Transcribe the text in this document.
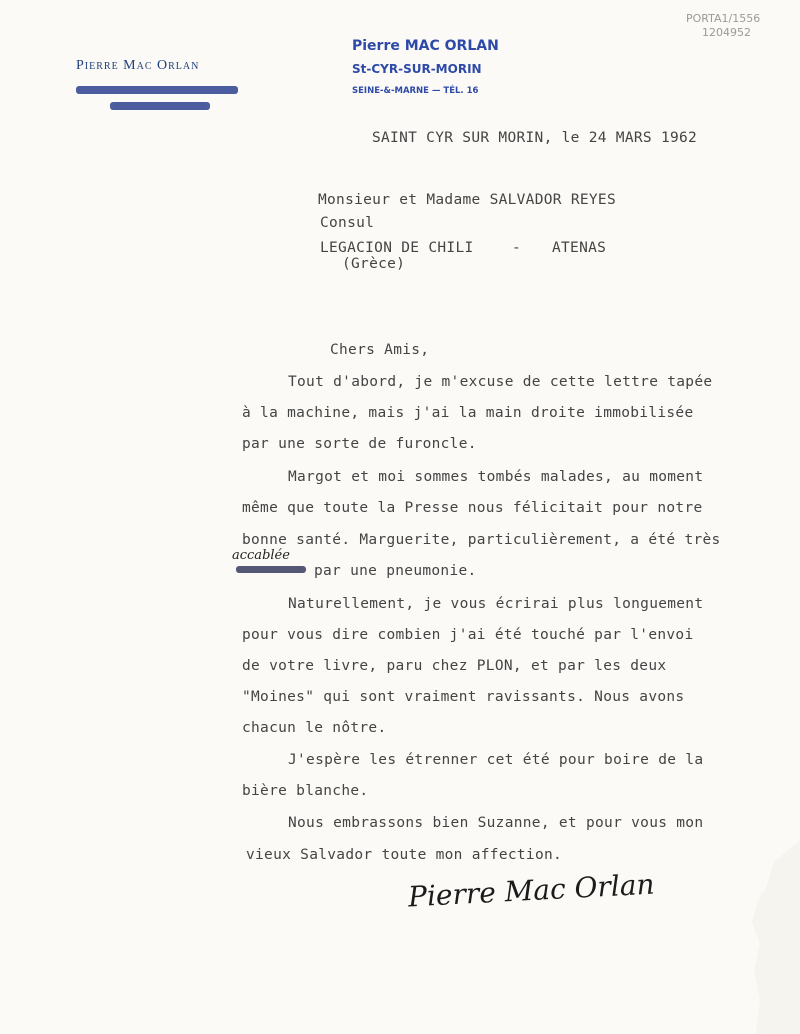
PORTA1/1556
1204952
Pierre Mac Orlan
Pierre MAC ORLAN
St-CYR-SUR-MORIN
SEINE-&-MARNE — TÉL. 16
SAINT CYR SUR MORIN, le 24 MARS 1962
Monsieur et Madame SALVADOR REYES
Consul
LEGACION DE CHILI	- ATENAS
(Grèce)
Chers Amis,
Tout d'abord, je m'excuse de cette lettre tapée
à la machine, mais j'ai la main droite immobilisée
par une sorte de furoncle.
Margot et moi sommes tombés malades, au moment
même que toute la Presse nous félicitait pour notre
bonne santé. Marguerite, particulièrement, a été très
accablée
par une pneumonie.
Naturellement, je vous écrirai plus longuement
pour vous dire combien j'ai été touché par l'envoi
de votre livre, paru chez PLON, et par les deux
"Moines" qui sont vraiment ravissants. Nous avons
chacun le nôtre.
J'espère les étrenner cet été pour boire de la
bière blanche.
Nous embrassons bien Suzanne, et pour vous mon
vieux Salvador toute mon affection.
Pierre Mac Orlan
